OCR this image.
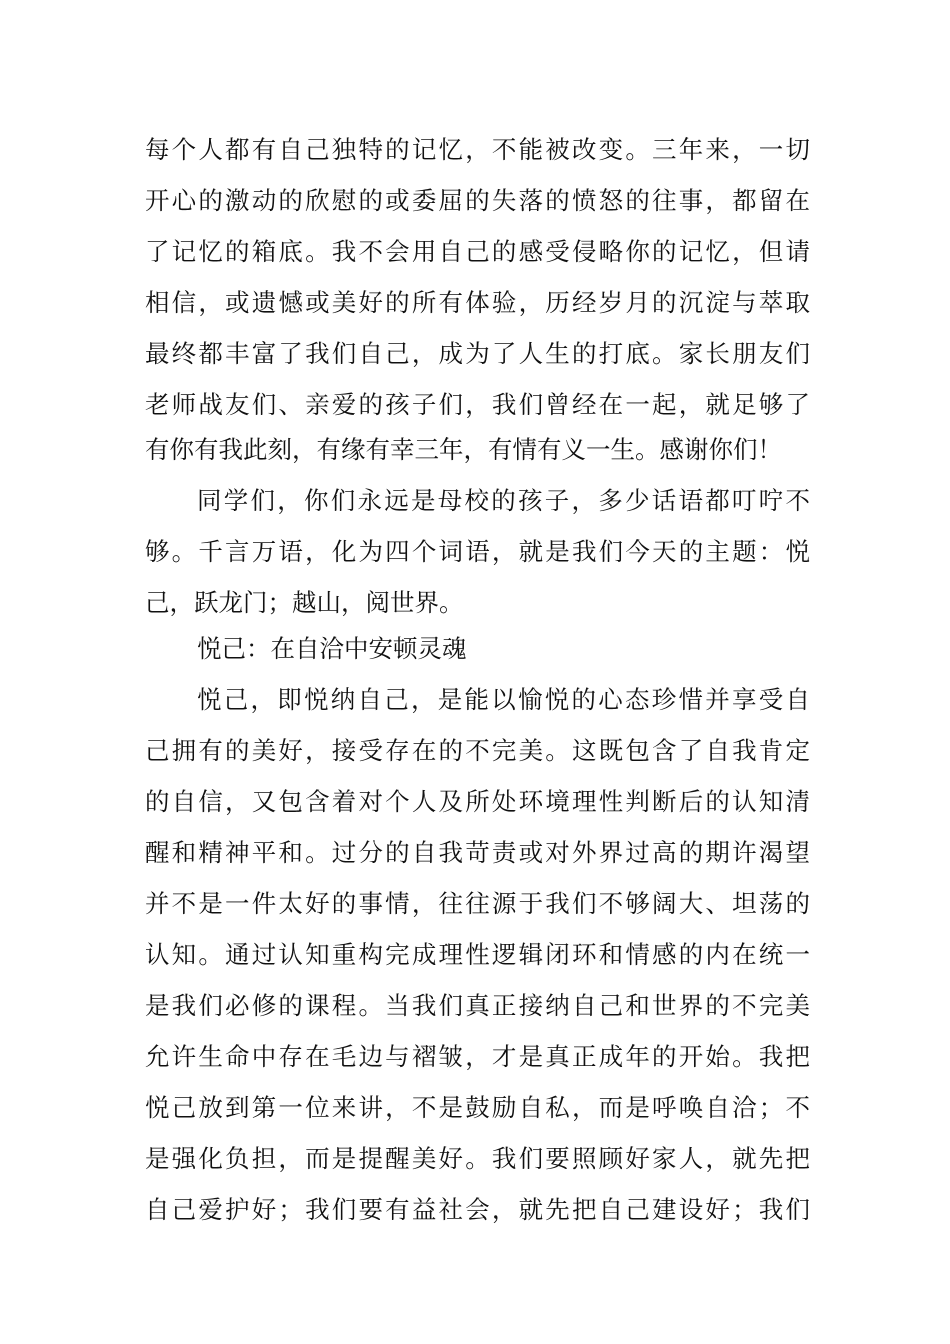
每个人都有自己独特的记忆，不能被改变。三年来，一切
开心的激动的欣慰的或委屈的失落的愤怒的往事，都留在
了记忆的箱底。我不会用自己的感受侵略你的记忆，但请
相信，或遗憾或美好的所有体验，历经岁月的沉淀与萃取
最终都丰富了我们自己，成为了人生的打底。家长朋友们
老师战友们、亲爱的孩子们，我们曾经在一起，就足够了
有你有我此刻，有缘有幸三年，有情有义一生。感谢你们！
同学们，你们永远是母校的孩子，多少话语都叮咛不
够。千言万语，化为四个词语，就是我们今天的主题：悦
己，跃龙门；越山，阅世界。
悦己：在自洽中安顿灵魂
悦己，即悦纳自己，是能以愉悦的心态珍惜并享受自
己拥有的美好，接受存在的不完美。这既包含了自我肯定
的自信，又包含着对个人及所处环境理性判断后的认知清
醒和精神平和。过分的自我苛责或对外界过高的期许渴望
并不是一件太好的事情，往往源于我们不够阔大、坦荡的
认知。通过认知重构完成理性逻辑闭环和情感的内在统一
是我们必修的课程。当我们真正接纳自己和世界的不完美
允许生命中存在毛边与褶皱，才是真正成年的开始。我把
悦己放到第一位来讲，不是鼓励自私，而是呼唤自洽；不
是强化负担，而是提醒美好。我们要照顾好家人，就先把
自己爱护好；我们要有益社会，就先把自己建设好；我们
